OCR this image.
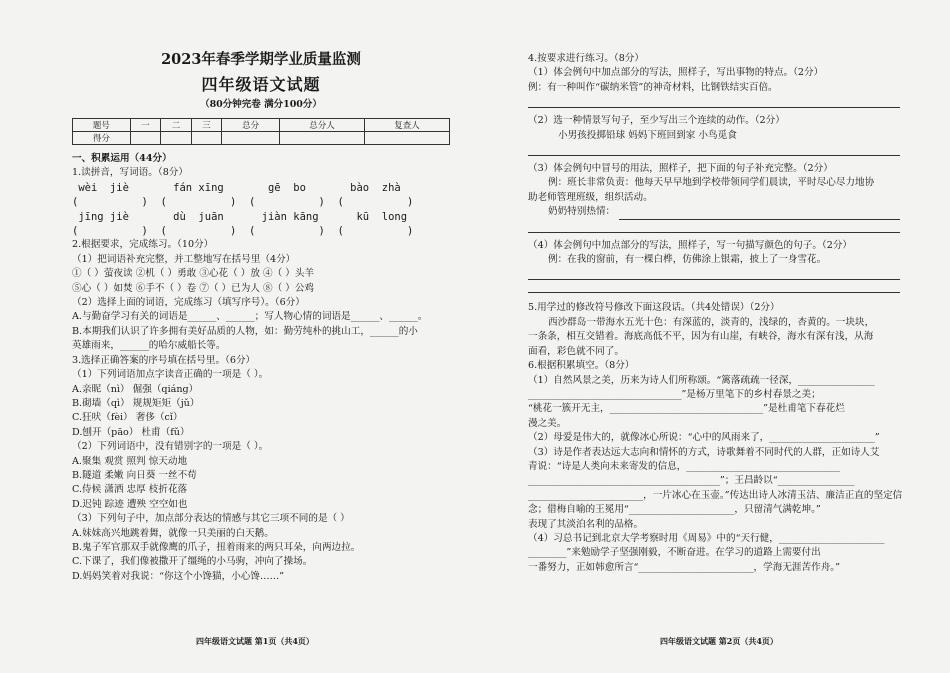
2023年春季学期学业质量监测
四年级语文试题
（80分钟完卷 满分100分）
题号	一	二	三	总分	总分人	复查人
得分						
一、积累运用（44分）
1.读拼音，写词语。（8分）
wèi  jiè       fán xīng       gē  bo       bào  zhà
(          )  (          )  (          )  (          )
jīng jiè       dù  juān      jiàn kāng      kū  long
(          )  (          )  (          )  (          )
2.根据要求，完成练习。（10分）
（1）把词语补充完整，并工整地写在括号里（4分）
①（ ）萤夜读 ②机（ ）勇敢 ③心花（ ）放 ④（ ）头羊
⑤心（ ）如焚 ⑥手不（ ）卷 ⑦（ ）已为人 ⑧（ ）公鸡
（2）选择上面的词语，完成练习（填写序号）。（6分）
A.与勤奋学习有关的词语是______、______；写人物心情的词语是______、______。
B.本期我们认识了许多拥有美好品质的人物，如：勤劳纯朴的挑山工，______的小
英雄雨来，______的哈尔威船长等。
3.选择正确答案的序号填在括号里。（6分）
（1）下列词语加点字读音正确的一项是（ ）。
A.亲昵（nì） 倔强（qiáng）
B.砌墙（qì） 规规矩矩（jǔ）
C.狂吠（fèi） 奢侈（cǐ）
D.刨开（pāo） 杜甫（fǔ）
（2）下列词语中，没有错别字的一项是（ ）。
A.聚集 观赏 照判 惊天动地
B.隧道 柔嫩 向日葵 一丝不苟
C.侍候 潇洒 忠厚 枝折花落
D.迟钝 踪迹 遭殃 空空如也
（3）下列句子中，加点部分表达的情感与其它三项不同的是（ ）
A.妹妹高兴地跳着舞，就像一只美丽的白天鹅。
B.鬼子军官那双手就像鹰的爪子，扭着雨来的两只耳朵，向两边拉。
C.下课了，我们像被撒开了缰绳的小马驹，冲向了操场。
D.妈妈笑着对我说：“你这个小馋猫，小心馋……”
四年级语文试题 第1页（共4页）
4.按要求进行练习。（8分）
（1）体会例句中加点部分的写法，照样子，写出事物的特点。（2分）
例：有一种叫作“碳纳米管”的神奇材料，比钢铁结实百倍。
（2）选一种情景写句子，至少写出三个连续的动作。（2分）
小男孩投掷铅球 妈妈下班回到家 小鸟觅食
（3）体会例句中冒号的用法，照样子，把下面的句子补充完整。（2分）
例：班长非常负责：他每天早早地到学校带领同学们晨读，平时尽心尽力地协
助老师管理班级，组织活动。
奶奶特别热情：
（4）体会例句中加点部分的写法，照样子，写一句描写颜色的句子。（2分）
例：在我的窗前，有一棵白桦，仿佛涂上银霜，披上了一身雪花。
5.用学过的修改符号修改下面这段话。（共4处错误）（2分）
西沙群岛一带海水五光十色：有深蓝的，淡青的，浅绿的，杏黄的。一块块，
一条条，相互交错着。海底高低不平，因为有山崖，有峡谷，海水有深有浅，从海
面看，彩色就不同了。
6.根据积累填空。（8分）
（1）自然风景之美，历来为诗人们所称颂。“篱落疏疏一径深，________________
________________________________”是杨万里笔下的乡村春景之美；
“桃花一簇开无主，________________________________”是杜甫笔下春花烂
漫之美。
（2）母爱是伟大的，就像冰心所说：“心中的风雨来了，______________________”
（3）诗是作者表达远大志向和情怀的方式，诗歌舞着不同时代的人群，正如诗人艾
青说：“诗是人类向未来寄发的信息，________________________________
________________________________________”；王昌龄以“________________
________________________，一片冰心在玉壶。”传达出诗人冰清玉洁、廉洁正直的坚定信
念；借梅自喻的王冕用“______________________，只留清气满乾坤。”
表现了其淡泊名利的品格。
（4）习总书记到北京大学考察时用《周易》中的“天行健，______________________
________”来勉励学子坚强刚毅，不断奋进。在学习的道路上需要付出
一番努力，正如韩愈所言“________________________，学海无涯苦作舟。”
四年级语文试题 第2页（共4页）
